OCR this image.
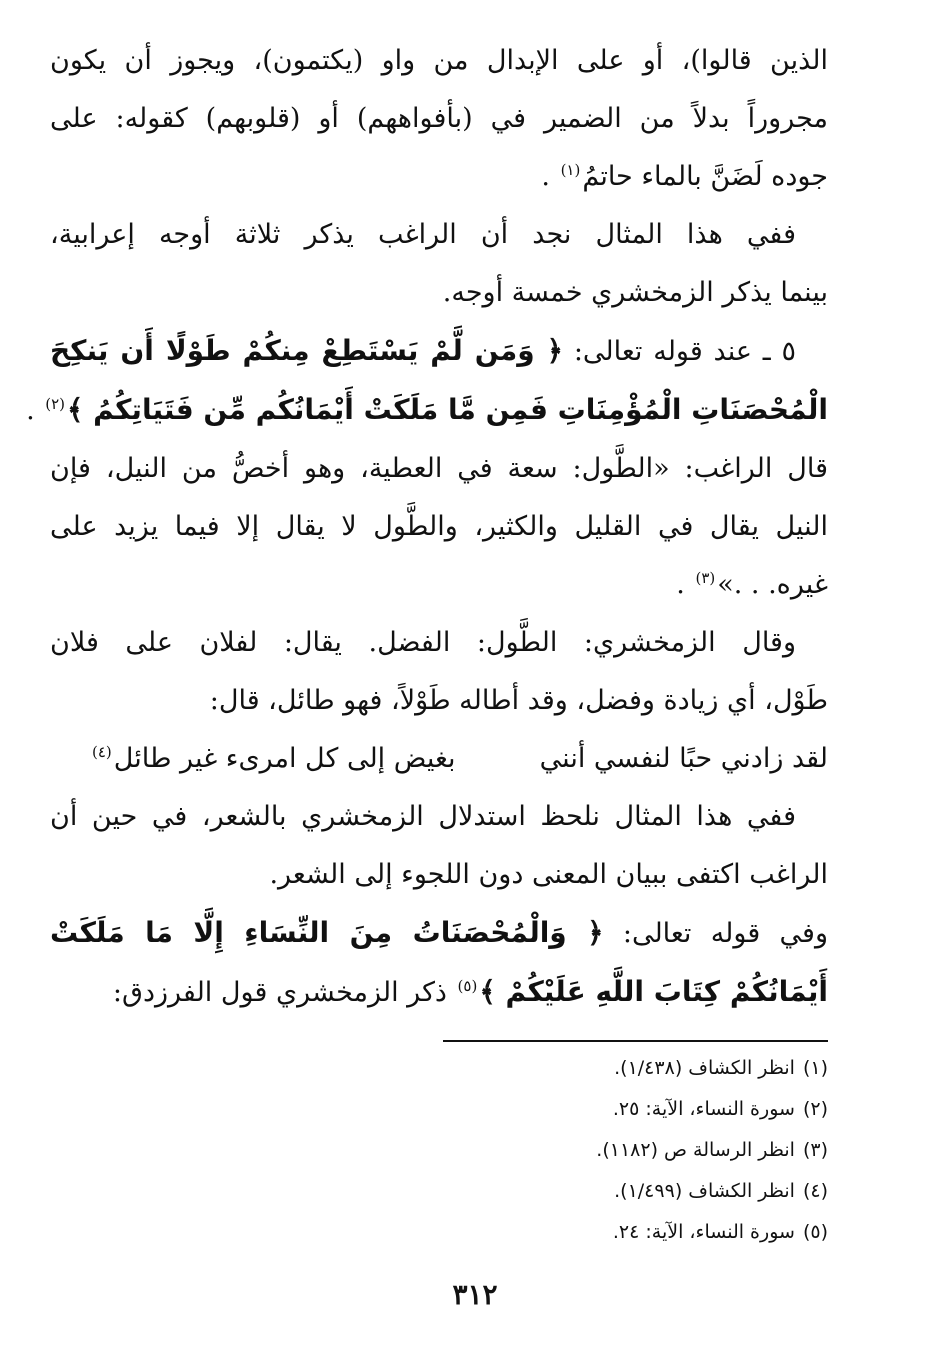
الذين قالوا)، أو على الإبدال من واو (يكتمون)، ويجوز أن يكون
مجروراً بدلاً من الضمير في (بأفواههم) أو (قلوبهم) كقوله: على
جوده لَضَنَّ بالماء حاتمُ$^{(١)}$ .
ففي هذا المثال نجد أن الراغب يذكر ثلاثة أوجه إعرابية،
بينما يذكر الزمخشري خمسة أوجه.
٥ ـ عند قوله تعالى: ﴿ وَمَن لَّمْ يَسْتَطِعْ مِنكُمْ طَوْلًا أَن يَنكِحَ
الْمُحْصَنَاتِ الْمُؤْمِنَاتِ فَمِن مَّا مَلَكَتْ أَيْمَانُكُم مِّن فَتَيَاتِكُمُ ﴾$^{(٢)}$ .
قال الراغب: «الطَّول: سعة في العطية، وهو أخصُّ من النيل، فإن
النيل يقال في القليل والكثير، والطَّول لا يقال إلا فيما يزيد على
غيره. . .»$^{(٣)}$ .
وقال الزمخشري: الطَّول: الفضل. يقال: لفلان على فلان
طَوْل، أي زيادة وفضل، وقد أطاله طَوْلاً، فهو طائل، قال:
لقد زادني حبًا لنفسي أنني
بغيض إلى كل امرىء غير طائل$^{(٤)}$
ففي هذا المثال نلحظ استدلال الزمخشري بالشعر، في حين أن
الراغب اكتفى ببيان المعنى دون اللجوء إلى الشعر.
وفي قوله تعالى: ﴿ وَالْمُحْصَنَاتُ مِنَ النِّسَاءِ إِلَّا مَا مَلَكَتْ
أَيْمَانُكُمْ كِتَابَ اللَّهِ عَلَيْكُمْ ﴾$^{(٥)}$ ذكر الزمخشري قول الفرزدق:
(١)انظر الكشاف (١/٤٣٨).
(٢)سورة النساء، الآية: ٢٥.
(٣)انظر الرسالة ص (١١٨٢).
(٤)انظر الكشاف (١/٤٩٩).
(٥)سورة النساء، الآية: ٢٤.
٣١٢
